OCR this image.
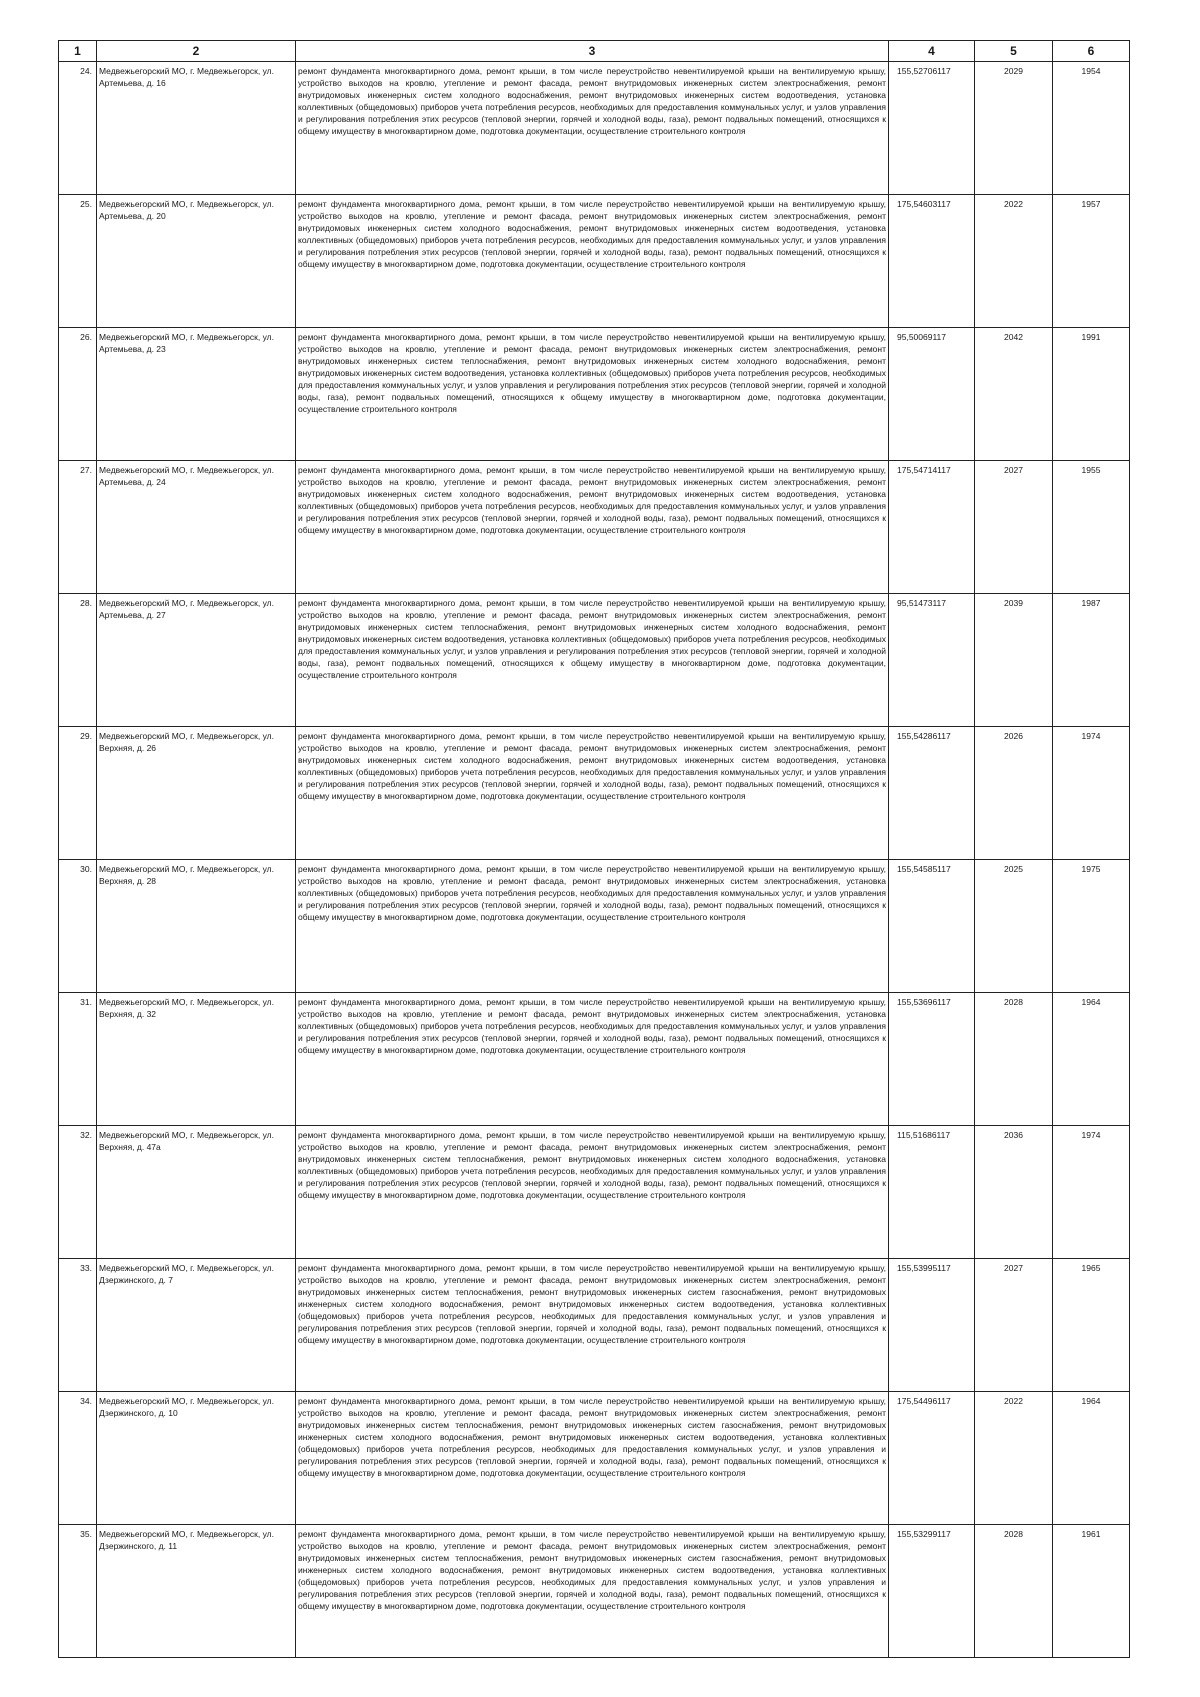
1	2	3	4	5	6
24.	Медвежьегорский МО, г. Медвежьегорск, ул. Артемьева, д. 16	ремонт фундамента многоквартирного дома, ремонт крыши, в том числе переустройство невентилируемой крыши на вентилируемую крышу, устройство выходов на кровлю, утепление и ремонт фасада, ремонт внутридомовых инженерных систем электроснабжения, ремонт внутридомовых инженерных систем холодного водоснабжения, ремонт внутридомовых инженерных систем водоотведения, установка коллективных (общедомовых) приборов учета потребления ресурсов, необходимых для предоставления коммунальных услуг, и узлов управления и регулирования потребления этих ресурсов (тепловой энергии, горячей и холодной воды, газа), ремонт подвальных помещений, относящихся к общему имуществу в многоквартирном доме, подготовка документации, осуществление строительного контроля	155,52706117	2029	1954
25.	Медвежьегорский МО, г. Медвежьегорск, ул. Артемьева, д. 20	ремонт фундамента многоквартирного дома, ремонт крыши, в том числе переустройство невентилируемой крыши на вентилируемую крышу, устройство выходов на кровлю, утепление и ремонт фасада, ремонт внутридомовых инженерных систем электроснабжения, ремонт внутридомовых инженерных систем холодного водоснабжения, ремонт внутридомовых инженерных систем водоотведения, установка коллективных (общедомовых) приборов учета потребления ресурсов, необходимых для предоставления коммунальных услуг, и узлов управления и регулирования потребления этих ресурсов (тепловой энергии, горячей и холодной воды, газа), ремонт подвальных помещений, относящихся к общему имуществу в многоквартирном доме, подготовка документации, осуществление строительного контроля	175,54603117	2022	1957
26.	Медвежьегорский МО, г. Медвежьегорск, ул. Артемьева, д. 23	ремонт фундамента многоквартирного дома, ремонт крыши, в том числе переустройство невентилируемой крыши на вентилируемую крышу, устройство выходов на кровлю, утепление и ремонт фасада, ремонт внутридомовых инженерных систем электроснабжения, ремонт внутридомовых инженерных систем теплоснабжения, ремонт внутридомовых инженерных систем холодного водоснабжения, ремонт внутридомовых инженерных систем водоотведения, установка коллективных (общедомовых) приборов учета потребления ресурсов, необходимых для предоставления коммунальных услуг, и узлов управления и регулирования потребления этих ресурсов (тепловой энергии, горячей и холодной воды, газа), ремонт подвальных помещений, относящихся к общему имуществу в многоквартирном доме, подготовка документации, осуществление строительного контроля	95,50069117	2042	1991
27.	Медвежьегорский МО, г. Медвежьегорск, ул. Артемьева, д. 24	ремонт фундамента многоквартирного дома, ремонт крыши, в том числе переустройство невентилируемой крыши на вентилируемую крышу, устройство выходов на кровлю, утепление и ремонт фасада, ремонт внутридомовых инженерных систем электроснабжения, ремонт внутридомовых инженерных систем холодного водоснабжения, ремонт внутридомовых инженерных систем водоотведения, установка коллективных (общедомовых) приборов учета потребления ресурсов, необходимых для предоставления коммунальных услуг, и узлов управления и регулирования потребления этих ресурсов (тепловой энергии, горячей и холодной воды, газа), ремонт подвальных помещений, относящихся к общему имуществу в многоквартирном доме, подготовка документации, осуществление строительного контроля	175,54714117	2027	1955
28.	Медвежьегорский МО, г. Медвежьегорск, ул. Артемьева, д. 27	ремонт фундамента многоквартирного дома, ремонт крыши, в том числе переустройство невентилируемой крыши на вентилируемую крышу, устройство выходов на кровлю, утепление и ремонт фасада, ремонт внутридомовых инженерных систем электроснабжения, ремонт внутридомовых инженерных систем теплоснабжения, ремонт внутридомовых инженерных систем холодного водоснабжения, ремонт внутридомовых инженерных систем водоотведения, установка коллективных (общедомовых) приборов учета потребления ресурсов, необходимых для предоставления коммунальных услуг, и узлов управления и регулирования потребления этих ресурсов (тепловой энергии, горячей и холодной воды, газа), ремонт подвальных помещений, относящихся к общему имуществу в многоквартирном доме, подготовка документации, осуществление строительного контроля	95,51473117	2039	1987
29.	Медвежьегорский МО, г. Медвежьегорск, ул. Верхняя, д. 26	ремонт фундамента многоквартирного дома, ремонт крыши, в том числе переустройство невентилируемой крыши на вентилируемую крышу, устройство выходов на кровлю, утепление и ремонт фасада, ремонт внутридомовых инженерных систем электроснабжения, ремонт внутридомовых инженерных систем холодного водоснабжения, ремонт внутридомовых инженерных систем водоотведения, установка коллективных (общедомовых) приборов учета потребления ресурсов, необходимых для предоставления коммунальных услуг, и узлов управления и регулирования потребления этих ресурсов (тепловой энергии, горячей и холодной воды, газа), ремонт подвальных помещений, относящихся к общему имуществу в многоквартирном доме, подготовка документации, осуществление строительного контроля	155,54286117	2026	1974
30.	Медвежьегорский МО, г. Медвежьегорск, ул. Верхняя, д. 28	ремонт фундамента многоквартирного дома, ремонт крыши, в том числе переустройство невентилируемой крыши на вентилируемую крышу, устройство выходов на кровлю, утепление и ремонт фасада, ремонт внутридомовых инженерных систем электроснабжения, установка коллективных (общедомовых) приборов учета потребления ресурсов, необходимых для предоставления коммунальных услуг, и узлов управления и регулирования потребления этих ресурсов (тепловой энергии, горячей и холодной воды, газа), ремонт подвальных помещений, относящихся к общему имуществу в многоквартирном доме, подготовка документации, осуществление строительного контроля	155,54585117	2025	1975
31.	Медвежьегорский МО, г. Медвежьегорск, ул. Верхняя, д. 32	ремонт фундамента многоквартирного дома, ремонт крыши, в том числе переустройство невентилируемой крыши на вентилируемую крышу, устройство выходов на кровлю, утепление и ремонт фасада, ремонт внутридомовых инженерных систем электроснабжения, установка коллективных (общедомовых) приборов учета потребления ресурсов, необходимых для предоставления коммунальных услуг, и узлов управления и регулирования потребления этих ресурсов (тепловой энергии, горячей и холодной воды, газа), ремонт подвальных помещений, относящихся к общему имуществу в многоквартирном доме, подготовка документации, осуществление строительного контроля	155,53696117	2028	1964
32.	Медвежьегорский МО, г. Медвежьегорск, ул. Верхняя, д. 47а	ремонт фундамента многоквартирного дома, ремонт крыши, в том числе переустройство невентилируемой крыши на вентилируемую крышу, устройство выходов на кровлю, утепление и ремонт фасада, ремонт внутридомовых инженерных систем электроснабжения, ремонт внутридомовых инженерных систем теплоснабжения, ремонт внутридомовых инженерных систем холодного водоснабжения, установка коллективных (общедомовых) приборов учета потребления ресурсов, необходимых для предоставления коммунальных услуг, и узлов управления и регулирования потребления этих ресурсов (тепловой энергии, горячей и холодной воды, газа), ремонт подвальных помещений, относящихся к общему имуществу в многоквартирном доме, подготовка документации, осуществление строительного контроля	115,51686117	2036	1974
33.	Медвежьегорский МО, г. Медвежьегорск, ул. Дзержинского, д. 7	ремонт фундамента многоквартирного дома, ремонт крыши, в том числе переустройство невентилируемой крыши на вентилируемую крышу, устройство выходов на кровлю, утепление и ремонт фасада, ремонт внутридомовых инженерных систем электроснабжения, ремонт внутридомовых инженерных систем теплоснабжения, ремонт внутридомовых инженерных систем газоснабжения, ремонт внутридомовых инженерных систем холодного водоснабжения, ремонт внутридомовых инженерных систем водоотведения, установка коллективных (общедомовых) приборов учета потребления ресурсов, необходимых для предоставления коммунальных услуг, и узлов управления и регулирования потребления этих ресурсов (тепловой энергии, горячей и холодной воды, газа), ремонт подвальных помещений, относящихся к общему имуществу в многоквартирном доме, подготовка документации, осуществление строительного контроля	155,53995117	2027	1965
34.	Медвежьегорский МО, г. Медвежьегорск, ул. Дзержинского, д. 10	ремонт фундамента многоквартирного дома, ремонт крыши, в том числе переустройство невентилируемой крыши на вентилируемую крышу, устройство выходов на кровлю, утепление и ремонт фасада, ремонт внутридомовых инженерных систем электроснабжения, ремонт внутридомовых инженерных систем теплоснабжения, ремонт внутридомовых инженерных систем газоснабжения, ремонт внутридомовых инженерных систем холодного водоснабжения, ремонт внутридомовых инженерных систем водоотведения, установка коллективных (общедомовых) приборов учета потребления ресурсов, необходимых для предоставления коммунальных услуг, и узлов управления и регулирования потребления этих ресурсов (тепловой энергии, горячей и холодной воды, газа), ремонт подвальных помещений, относящихся к общему имуществу в многоквартирном доме, подготовка документации, осуществление строительного контроля	175,54496117	2022	1964
35.	Медвежьегорский МО, г. Медвежьегорск, ул. Дзержинского, д. 11	ремонт фундамента многоквартирного дома, ремонт крыши, в том числе переустройство невентилируемой крыши на вентилируемую крышу, устройство выходов на кровлю, утепление и ремонт фасада, ремонт внутридомовых инженерных систем электроснабжения, ремонт внутридомовых инженерных систем теплоснабжения, ремонт внутридомовых инженерных систем газоснабжения, ремонт внутридомовых инженерных систем холодного водоснабжения, ремонт внутридомовых инженерных систем водоотведения, установка коллективных (общедомовых) приборов учета потребления ресурсов, необходимых для предоставления коммунальных услуг, и узлов управления и регулирования потребления этих ресурсов (тепловой энергии, горячей и холодной воды, газа), ремонт подвальных помещений, относящихся к общему имуществу в многоквартирном доме, подготовка документации, осуществление строительного контроля	155,53299117	2028	1961
